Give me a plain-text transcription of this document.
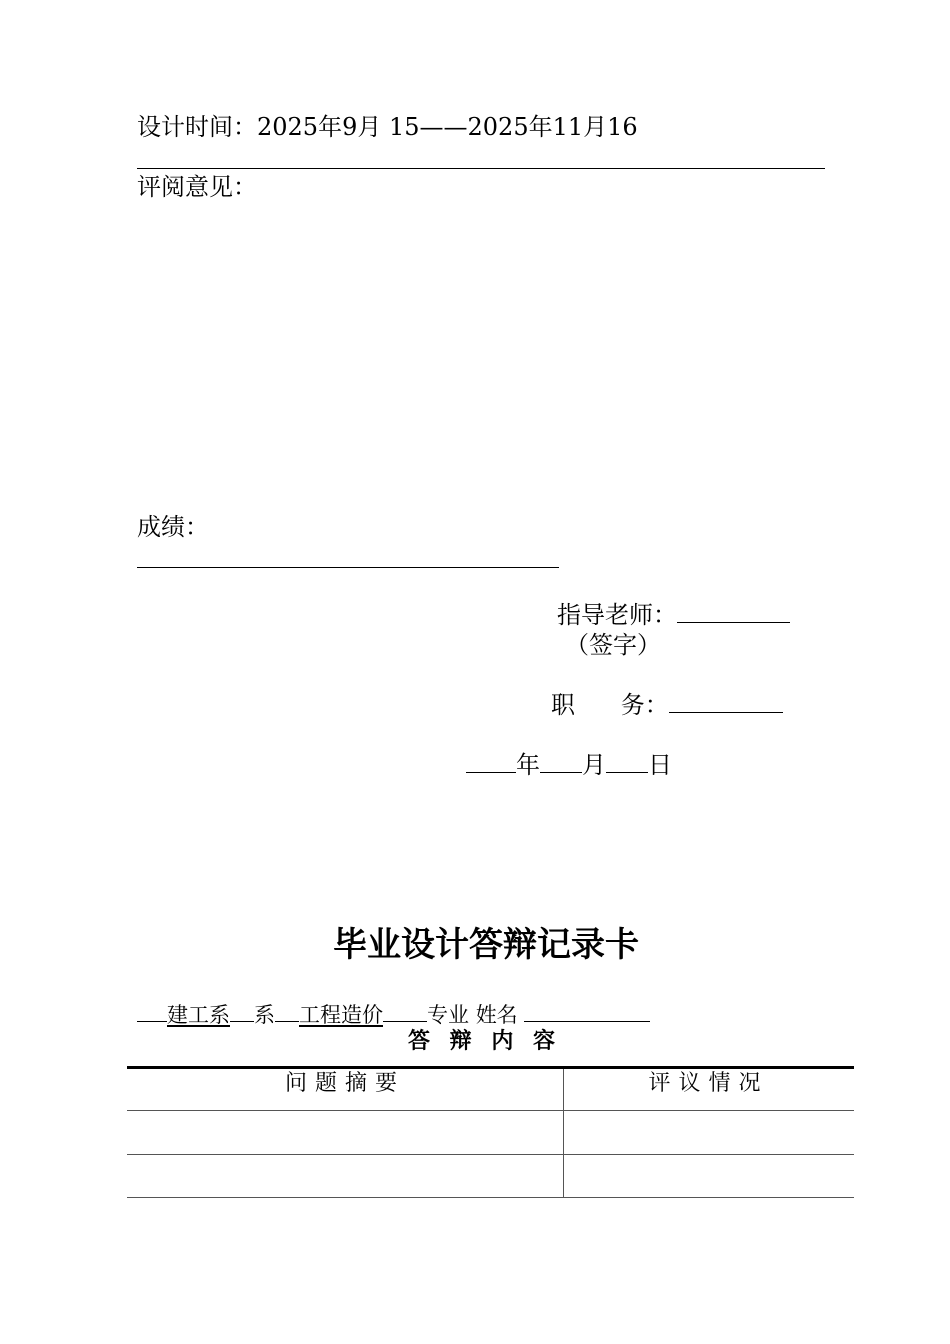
设计时间：2025年9月 15——2025年11月16
评阅意见：
成绩：
指导老师：
（签字）
职      务：
年 月 日
毕业设计答辩记录卡
建工系 系 工程造价 专业 姓名
答 辩 内 容
问题摘要	评议情况
